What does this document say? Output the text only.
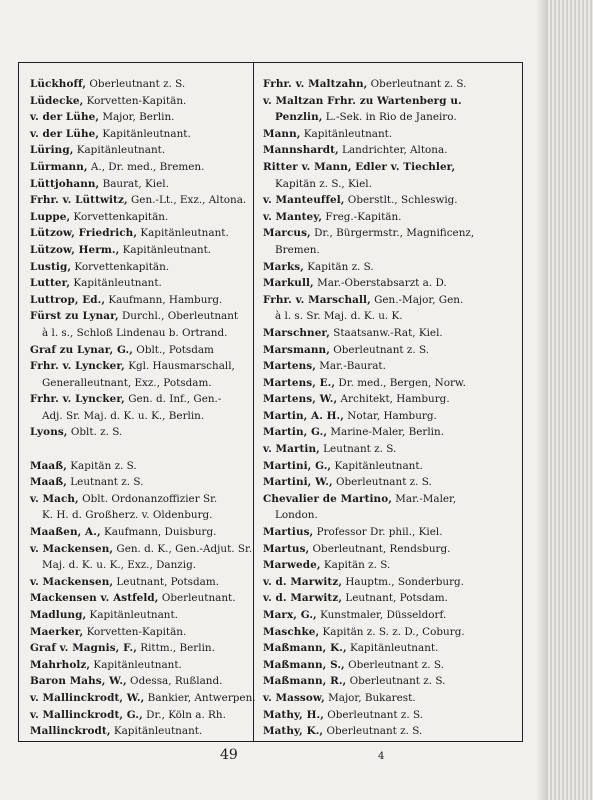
Lückhoff, Oberleutnant z. S.
Lüdecke, Korvetten-Kapitän.
v. der Lühe, Major, Berlin.
v. der Lühe, Kapitänleutnant.
Lüring, Kapitänleutnant.
Lürmann, A., Dr. med., Bremen.
Lüttjohann, Baurat, Kiel.
Frhr. v. Lüttwitz, Gen.-Lt., Exz., Altona.
Luppe, Korvettenkapitän.
Lützow, Friedrich, Kapitänleutnant.
Lützow, Herm., Kapitänleutnant.
Lustig, Korvettenkapitän.
Lutter, Kapitänleutnant.
Luttrop, Ed., Kaufmann, Hamburg.
Fürst zu Lynar, Durchl., Oberleutnant
à l. s., Schloß Lindenau b. Ortrand.
Graf zu Lynar, G., Oblt., Potsdam
Frhr. v. Lyncker, Kgl. Hausmarschall,
Generalleutnant, Exz., Potsdam.
Frhr. v. Lyncker, Gen. d. Inf., Gen.-
Adj. Sr. Maj. d. K. u. K., Berlin.
Lyons, Oblt. z. S.
Maaß, Kapitän z. S.
Maaß, Leutnant z. S.
v. Mach, Oblt. Ordonanzoffizier Sr.
K. H. d. Großherz. v. Oldenburg.
Maaßen, A., Kaufmann, Duisburg.
v. Mackensen, Gen. d. K., Gen.-Adjut. Sr.
Maj. d. K. u. K., Exz., Danzig.
v. Mackensen, Leutnant, Potsdam.
Mackensen v. Astfeld, Oberleutnant.
Madlung, Kapitänleutnant.
Maerker, Korvetten-Kapitän.
Graf v. Magnis, F., Rittm., Berlin.
Mahrholz, Kapitänleutnant.
Baron Mahs, W., Odessa, Rußland.
v. Mallinckrodt, W., Bankier, Antwerpen.
v. Mallinckrodt, G., Dr., Köln a. Rh.
Mallinckrodt, Kapitänleutnant.
Frhr. v. Maltzahn, Oberleutnant z. S.
v. Maltzan Frhr. zu Wartenberg u.
Penzlin, L.-Sek. in Rio de Janeiro.
Mann, Kapitänleutnant.
Mannshardt, Landrichter, Altona.
Ritter v. Mann, Edler v. Tiechler,
Kapitän z. S., Kiel.
v. Manteuffel, Oberstlt., Schleswig.
v. Mantey, Freg.-Kapitän.
Marcus, Dr., Bürgermstr., Magnificenz,
Bremen.
Marks, Kapitän z. S.
Markull, Mar.-Oberstabsarzt a. D.
Frhr. v. Marschall, Gen.-Major, Gen.
à l. s. Sr. Maj. d. K. u. K.
Marschner, Staatsanw.-Rat, Kiel.
Marsmann, Oberleutnant z. S.
Martens, Mar.-Baurat.
Martens, E., Dr. med., Bergen, Norw.
Martens, W., Architekt, Hamburg.
Martin, A. H., Notar, Hamburg.
Martin, G., Marine-Maler, Berlin.
v. Martin, Leutnant z. S.
Martini, G., Kapitänleutnant.
Martini, W., Oberleutnant z. S.
Chevalier de Martino, Mar.-Maler,
London.
Martius, Professor Dr. phil., Kiel.
Martus, Oberleutnant, Rendsburg.
Marwede, Kapitän z. S.
v. d. Marwitz, Hauptm., Sonderburg.
v. d. Marwitz, Leutnant, Potsdam.
Marx, G., Kunstmaler, Düsseldorf.
Maschke, Kapitän z. S. z. D., Coburg.
Maßmann, K., Kapitänleutnant.
Maßmann, S., Oberleutnant z. S.
Maßmann, R., Oberleutnant z. S.
v. Massow, Major, Bukarest.
Mathy, H., Oberleutnant z. S.
Mathy, K., Oberleutnant z. S.
49	4
